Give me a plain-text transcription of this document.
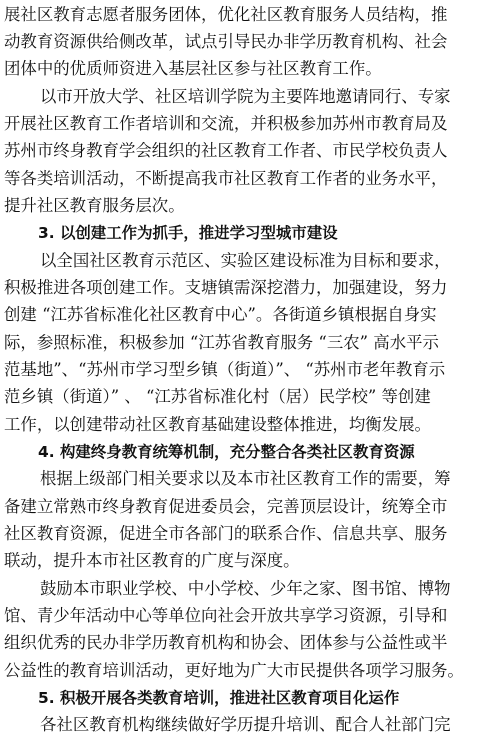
展社区教育志愿者服务团体，优化社区教育服务人员结构，推
动教育资源供给侧改革，试点引导民办非学历教育机构、社会
团体中的优质师资进入基层社区参与社区教育工作。
以市开放大学、社区培训学院为主要阵地邀请同行、专家
开展社区教育工作者培训和交流，并积极参加苏州市教育局及
苏州市终身教育学会组织的社区教育工作者、市民学校负责人
等各类培训活动，不断提高我市社区教育工作者的业务水平，
提升社区教育服务层次。
3. 以创建工作为抓手，推进学习型城市建设
以全国社区教育示范区、实验区建设标准为目标和要求，
积极推进各项创建工作。支塘镇需深挖潜力，加强建设，努力
创建 “江苏省标准化社区教育中心”。各街道乡镇根据自身实
际，参照标准，积极参加 “江苏省教育服务 “三农” 高水平示
范基地”、“苏州市学习型乡镇（街道）”、 “苏州市老年教育示
范乡镇（街道）” 、 “江苏省标准化村（居）民学校” 等创建
工作，以创建带动社区教育基础建设整体推进，均衡发展。
4. 构建终身教育统筹机制，充分整合各类社区教育资源
根据上级部门相关要求以及本市社区教育工作的需要，筹
备建立常熟市终身教育促进委员会，完善顶层设计，统筹全市
社区教育资源，促进全市各部门的联系合作、信息共享、服务
联动，提升本市社区教育的广度与深度。
鼓励本市职业学校、中小学校、少年之家、图书馆、博物
馆、青少年活动中心等单位向社会开放共享学习资源，引导和
组织优秀的民办非学历教育机构和协会、团体参与公益性或半
公益性的教育培训活动，更好地为广大市民提供各项学习服务。
5. 积极开展各类教育培训，推进社区教育项目化运作
各社区教育机构继续做好学历提升培训、配合人社部门完
